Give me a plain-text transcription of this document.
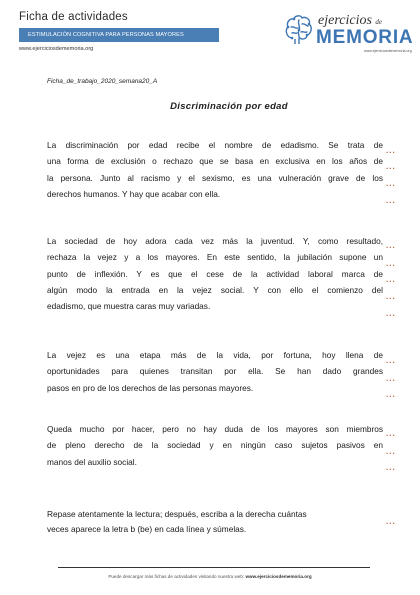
Ficha de actividades
ESTIMULACIÓN COGNITIVA PARA PERSONAS MAYORES
www.ejerciciosdememoria.org
ejercicios de
MEMORIA
www.ejerciciosdememoria.org
Ficha_de_trabajo_2020_semana20_A
Discriminación por edad
La discriminación por edad recibe el nombre de edadismo. Se trata de
una forma de exclusión o rechazo que se basa en exclusiva en los años de
la persona. Junto al racismo y el sexismo, es una vulneración grave de los
derechos humanos. Y hay que acabar con ella.
La sociedad de hoy adora cada vez más la juventud. Y, como resultado,
rechaza la vejez y a los mayores. En este sentido, la jubilación supone un
punto de inflexión. Y es que el cese de la actividad laboral marca de
algún modo la entrada en la vejez social. Y con ello el comienzo del
edadismo, que muestra caras muy variadas.
La vejez es una etapa más de la vida, por fortuna, hoy llena de
oportunidades para quienes transitan por ella. Se han dado grandes
pasos en pro de los derechos de las personas mayores.
Queda mucho por hacer, pero no hay duda de los mayores son miembros
de pleno derecho de la sociedad y en ningún caso sujetos pasivos en
manos del auxilio social.
...
...
...
...
...
...
...
...
...
...
...
...
...
...
...
Repase atentamente la lectura; después, escriba a la derecha cuántas
veces aparece la letra b (be) en cada línea y súmelas.
...
Puede descargar más fichas de actividades visitando nuestra web: www.ejerciciosdememoria.org
